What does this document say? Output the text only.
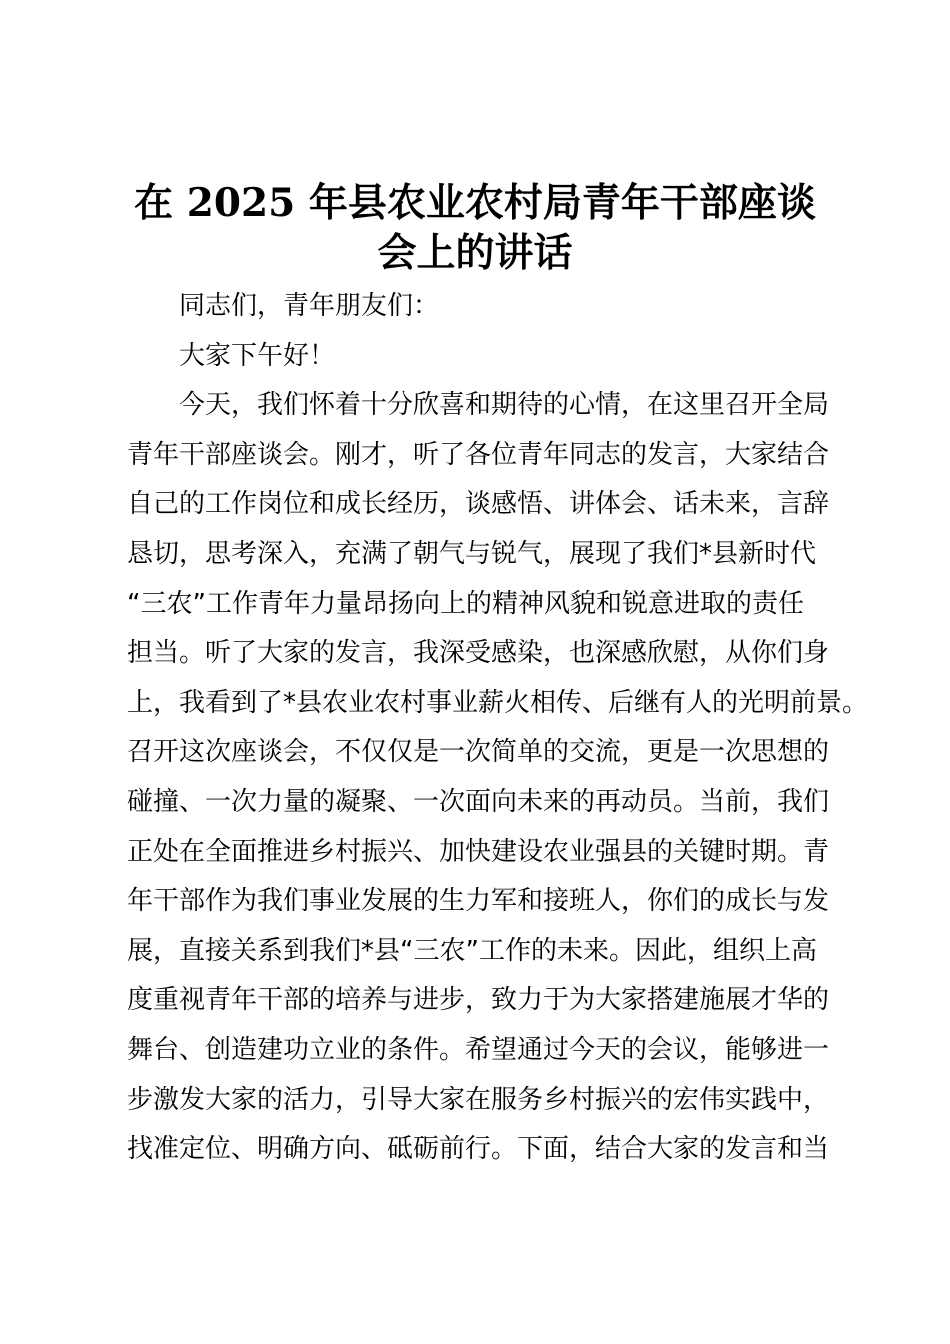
在 2025 年县农业农村局青年干部座谈
会上的讲话
同志们，青年朋友们：
大家下午好！
今天，我们怀着十分欣喜和期待的心情，在这里召开全局
青年干部座谈会。刚才，听了各位青年同志的发言，大家结合
自己的工作岗位和成长经历，谈感悟、讲体会、话未来，言辞
恳切，思考深入，充满了朝气与锐气，展现了我们*县新时代
“三农”工作青年力量昂扬向上的精神风貌和锐意进取的责任
担当。听了大家的发言，我深受感染，也深感欣慰，从你们身
上，我看到了*县农业农村事业薪火相传、后继有人的光明前景。
召开这次座谈会，不仅仅是一次简单的交流，更是一次思想的
碰撞、一次力量的凝聚、一次面向未来的再动员。当前，我们
正处在全面推进乡村振兴、加快建设农业强县的关键时期。青
年干部作为我们事业发展的生力军和接班人，你们的成长与发
展，直接关系到我们*县“三农”工作的未来。因此，组织上高
度重视青年干部的培养与进步，致力于为大家搭建施展才华的
舞台、创造建功立业的条件。希望通过今天的会议，能够进一
步激发大家的活力，引导大家在服务乡村振兴的宏伟实践中，
找准定位、明确方向、砥砺前行。下面，结合大家的发言和当
